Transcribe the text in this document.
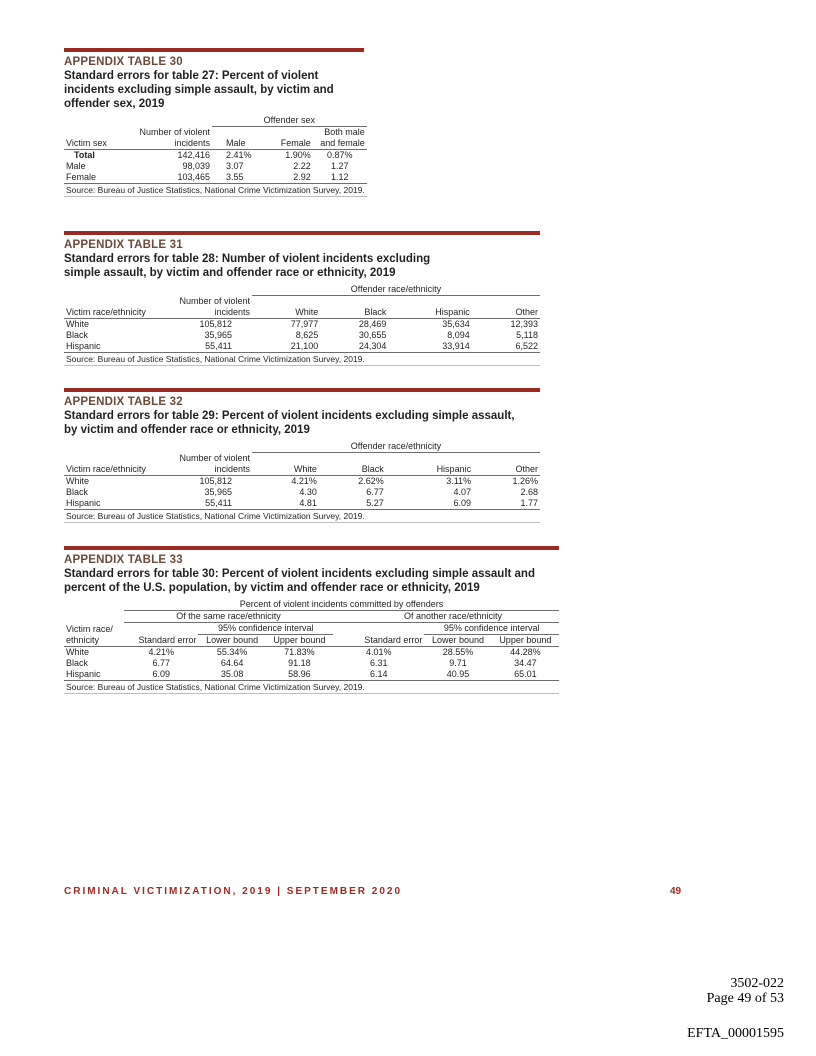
APPENDIX TABLE 30
Standard errors for table 27: Percent of violent incidents excluding simple assault, by victim and offender sex, 2019
		Offender sex		
Victim sex	Number of violent incidents	Male	Female	Both male and female
Total	142,416	2.41%	1.90%	0.87%
Male	98,039	3.07	2.22	1.27
Female	103,465	3.55	2.92	1.12
Source: Bureau of Justice Statistics, National Crime Victimization Survey, 2019.				
APPENDIX TABLE 31
Standard errors for table 28: Number of violent incidents excluding simple assault, by victim and offender race or ethnicity, 2019
		Offender race/ethnicity			
Victim race/ethnicity	Number of violent incidents	White	Black	Hispanic	Other
White	105,812	77,977	28,469	35,634	12,393
Black	35,965	8,625	30,655	8,094	5,118
Hispanic	55,411	21,100	24,304	33,914	6,522
Source: Bureau of Justice Statistics, National Crime Victimization Survey, 2019.					
APPENDIX TABLE 32
Standard errors for table 29: Percent of violent incidents excluding simple assault, by victim and offender race or ethnicity, 2019
		Offender race/ethnicity			
Victim race/ethnicity	Number of violent incidents	White	Black	Hispanic	Other
White	105,812	4.21%	2.62%	3.11%	1.26%
Black	35,965	4.30	6.77	4.07	2.68
Hispanic	55,411	4.81	5.27	6.09	1.77
Source: Bureau of Justice Statistics, National Crime Victimization Survey, 2019.					
APPENDIX TABLE 33
Standard errors for table 30: Percent of violent incidents excluding simple assault and percent of the U.S. population, by victim and offender race or ethnicity, 2019
	Percent of violent incidents committed by offenders					
	Of the same race/ethnicity			Of another race/ethnicity		
Victim race/ ethnicity		95% confidence interval			95% confidence interval	
	Standard error	Lower bound	Upper bound	Standard error	Lower bound	Upper bound
White	4.21%	55.34%	71.83%	4.01%	28.55%	44.28%
Black	6.77	64.64	91.18	6.31	9.71	34.47
Hispanic	6.09	35.08	58.96	6.14	40.95	65.01
Source: Bureau of Justice Statistics, National Crime Victimization Survey, 2019.						
CRIMINAL VICTIMIZATION, 2019 | SEPTEMBER 2020	49
3502-022
Page 49 of 53
EFTA_00001595
